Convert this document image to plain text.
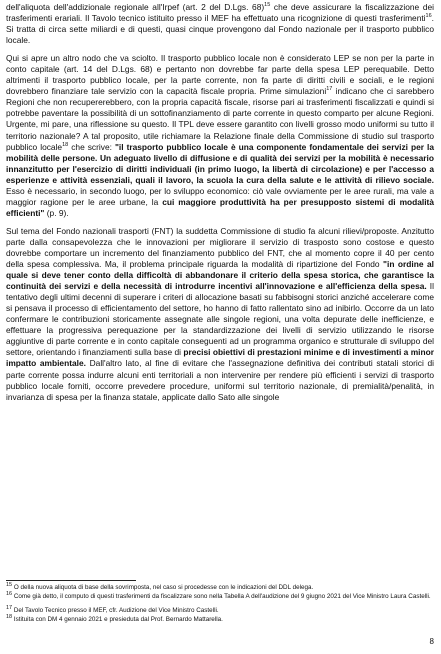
dell'aliquota dell'addizionale regionale all'Irpef (art. 2 del D.Lgs. 68)$^{15}$ che deve assicurare la fiscalizzazione dei trasferimenti erariali. Il Tavolo tecnico istituito presso il MEF ha effettuato una ricognizione di questi trasferimenti$^{16}$. Si tratta di circa sette miliardi e di questi, quasi cinque provengono dal Fondo nazionale per il trasporto pubblico locale.

Qui si apre un altro nodo che va sciolto. Il trasporto pubblico locale non è considerato LEP se non per la parte in conto capitale (art. 14 del D.Lgs. 68) e pertanto non dovrebbe far parte della spesa LEP perequabile. Detto altrimenti il trasporto pubblico locale, per la parte corrente, non fa parte di diritti civili e sociali, e le regioni dovrebbero finanziare tale servizio con la capacità fiscale propria. Prime simulazioni$^{17}$ indicano che ci sarebbero Regioni che non recupererebbero, con la propria capacità fiscale, risorse pari ai trasferimenti fiscalizzati e quindi si potrebbe paventare la possibilità di un sottofinanziamento di parte corrente in questo comparto per alcune Regioni. Urgente, mi pare, una riflessione su questo. Il TPL deve essere garantito con livelli grosso modo uniformi su tutto il territorio nazionale? A tal proposito, utile richiamare la Relazione finale della Commissione di studio sul trasporto pubblico locale$^{18}$ che scrive: "il trasporto pubblico locale è una componente fondamentale dei servizi per la mobilità delle persone. Un adeguato livello di diffusione e di qualità dei servizi per la mobilità è necessario innanzitutto per l'esercizio di diritti individuali (in primo luogo, la libertà di circolazione) e per l'accesso a esperienze e attività essenziali, quali il lavoro, la scuola la cura della salute e le attività di rilievo sociale. Esso è necessario, in secondo luogo, per lo sviluppo economico: ciò vale ovviamente per le aree rurali, ma vale a maggior ragione per le aree urbane, la cui maggiore produttività ha per presupposto sistemi di modalità efficienti" (p. 9).

Sul tema del Fondo nazionali trasporti (FNT) la suddetta Commissione di studio fa alcuni rilievi/proposte. Anzitutto parte dalla consapevolezza che le innovazioni per migliorare il servizio di trasposto sono costose e questo dovrebbe comportare un incremento del finanziamento pubblico del FNT, che al momento copre il 40 per cento della spesa complessiva. Ma, il problema principale riguarda la modalità di ripartizione del Fondo "in ordine al quale si deve tener conto della difficoltà di abbandonare il criterio della spesa storica, che garantisce la continuità dei servizi e della necessità di introdurre incentivi all'innovazione e all'efficienza della spesa. Il tentativo degli ultimi decenni di superare i criteri di allocazione basati su fabbisogni storici anziché accelerare come si pensava il processo di efficientamento del settore, ho hanno di fatto rallentato sino ad inibirlo. Occorre da un lato confermare le contribuzioni storicamente assegnate alle singole regioni, una volta depurate delle inefficienze, e effettuare la progressiva perequazione per la standardizzazione dei livelli di servizio utilizzando le risorse aggiuntive di parte corrente e in conto capitale conseguenti ad un programma organico e strutturale di sviluppo del settore, orientando i finanziamenti sulla base di precisi obiettivi di prestazioni minime e di investimenti a minor impatto ambientale. Dall'altro lato, al fine di evitare che l'assegnazione definitiva dei contributi statali storici di parte corrente possa indurre alcuni enti territoriali a non intervenire per rendere più efficienti i servizi di trasporto pubblico locale forniti, occorre prevedere procedure, uniformi sul territorio nazionale, di premialità/penalità, in invarianza di spesa per la finanza statale, applicate dallo Sato alle singole

$^{15}$ O della nuova aliquota di base della sovrimposta, nel caso si procedesse con le indicazioni del DDL delega.

$^{16}$ Come già detto, il computo di questi trasferimenti da fiscalizzare sono nella Tabella A dell'audizione del 9 giugno 2021 del Vice Ministro Laura Castelli.

$^{17}$ Del Tavolo Tecnico presso il MEF, cfr. Audizione del Vice Ministro Castelli.

$^{18}$ Istituita con DM 4 gennaio 2021 e presieduta dal Prof. Bernardo Mattarella.

8
